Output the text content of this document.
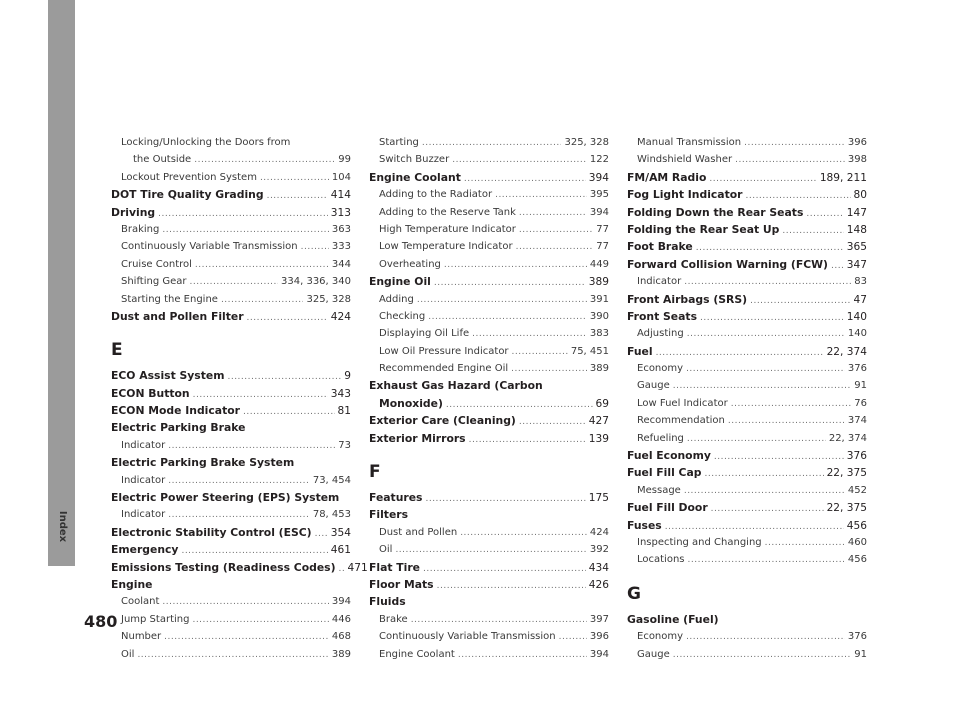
Index
480
Locking/Unlocking the Doors from
the Outside .....	99
Lockout Prevention System .....	104
DOT Tire Quality Grading .....	414
Driving .....	313
Braking .....	363
Continuously Variable Transmission .....	333
Cruise Control .....	344
Shifting Gear .....	334, 336, 340
Starting the Engine .....	325, 328
Dust and Pollen Filter .....	424
E
ECO Assist System .....	9
ECON Button .....	343
ECON Mode Indicator .....	81
Electric Parking Brake
Indicator .....	73
Electric Parking Brake System
Indicator .....	73, 454
Electric Power Steering (EPS) System
Indicator .....	78, 453
Electronic Stability Control (ESC) ..... 354
Emergency .....	461
Emissions Testing (Readiness Codes) ..... 471
Engine
Coolant .....	394
Jump Starting .....	446
Number .....	468
Oil .....	389
Starting .....	325, 328
Switch Buzzer .....	122
Engine Coolant .....	394
Adding to the Radiator .....	395
Adding to the Reserve Tank .....	394
High Temperature Indicator .....	77
Low Temperature Indicator .....	77
Overheating .....	449
Engine Oil .....	389
Adding .....	391
Checking .....	390
Displaying Oil Life .....	383
Low Oil Pressure Indicator .....	75, 451
Recommended Engine Oil .....	389
Exhaust Gas Hazard (Carbon
Monoxide) .....	69
Exterior Care (Cleaning) .....	427
Exterior Mirrors .....	139
F
Features .....	175
Filters
Dust and Pollen .....	424
Oil .....	392
Flat Tire .....	434
Floor Mats .....	426
Fluids
Brake .....	397
Continuously Variable Transmission .....	396
Engine Coolant .....	394
Manual Transmission .....	396
Windshield Washer .....	398
FM/AM Radio .....	189, 211
Fog Light Indicator .....	80
Folding Down the Rear Seats .....	147
Folding the Rear Seat Up .....	148
Foot Brake .....	365
Forward Collision Warning (FCW) ..... 347
Indicator .....	83
Front Airbags (SRS) .....	47
Front Seats .....	140
Adjusting .....	140
Fuel .....	22, 374
Economy .....	376
Gauge .....	91
Low Fuel Indicator .....	76
Recommendation .....	374
Refueling .....	22, 374
Fuel Economy .....	376
Fuel Fill Cap .....	22, 375
Message .....	452
Fuel Fill Door .....	22, 375
Fuses .....	456
Inspecting and Changing .....	460
Locations .....	456
G
Gasoline (Fuel)
Economy .....	376
Gauge .....	91
